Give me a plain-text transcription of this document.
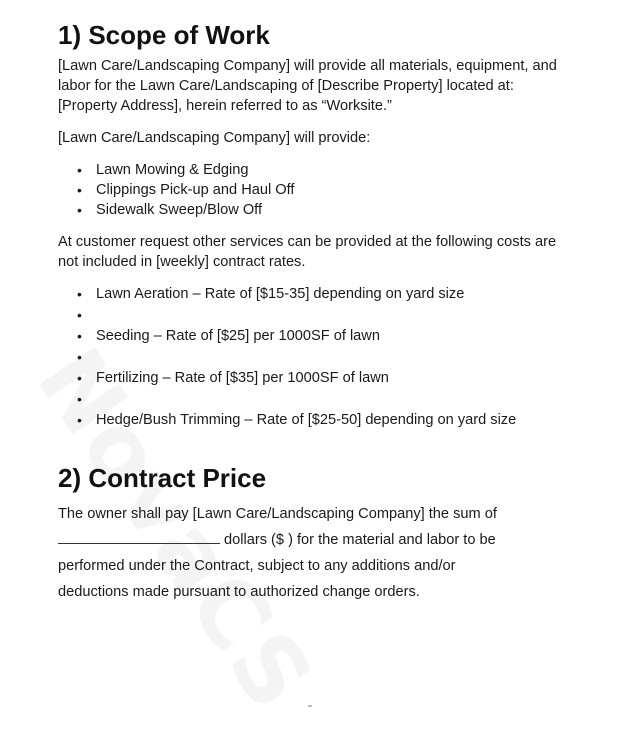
1) Scope of Work

[Lawn Care/Landscaping Company] will provide all materials, equipment, and labor for the Lawn Care/Landscaping of [Describe Property] located at: [Property Address], herein referred to as “Worksite.”

[Lawn Care/Landscaping Company] will provide:

• Lawn Mowing & Edging
• Clippings Pick-up and Haul Off
• Sidewalk Sweep/Blow Off

At customer request other services can be provided at the following costs are not included in [weekly] contract rates.

• Lawn Aeration – Rate of [$15-35] depending on yard size
•

• Seeding – Rate of [$25] per 1000SF of lawn
•

• Fertilizing – Rate of [$35] per 1000SF of lawn
•

• Hedge/Bush Trimming – Rate of [$25-50] depending on yard size
2) Contract Price

The owner shall pay [Lawn Care/Landscaping Company] the sum of

dollars ($ ) for the material and labor to be

performed under the Contract, subject to any additions and/or

deductions made pursuant to authorized change orders.
